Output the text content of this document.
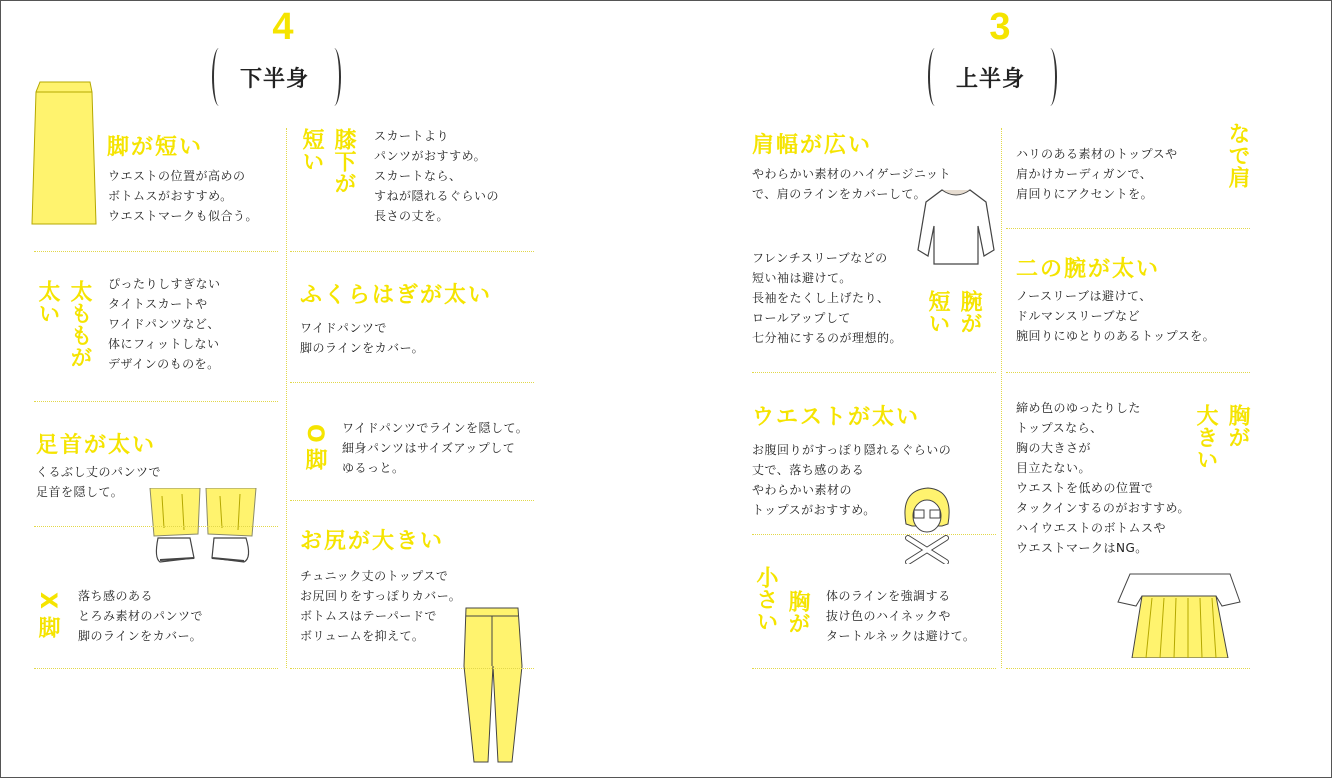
4
下半身
脚が短い
ウエストの位置が高めの
ボトムスがおすすめ。
ウエストマークも似合う。
膝下が
短い	スカートより
パンツがおすすめ。
スカートなら、
すねが隠れるぐらいの
長さの丈を。
太ももが
太い	ぴったりしすぎない
タイトスカートや
ワイドパンツなど、
体にフィットしない
デザインのものを。
ふくらはぎが太い
ワイドパンツで
脚のラインをカバー。
足首が太い
くるぶし丈のパンツで
足首を隠して。
O
脚
ワイドパンツでラインを隠して。
細身パンツはサイズアップして
ゆるっと。
X
脚
落ち感のある
とろみ素材のパンツで
脚のラインをカバー。
お尻が大きい
チュニック丈のトップスで
お尻回りをすっぽりカバー。
ボトムスはテーパードで
ボリュームを抑えて。
3
上半身
肩幅が広い
やわらかい素材のハイゲージニット
で、肩のラインをカバーして。
なで肩
ハリのある素材のトップスや
肩かけカーディガンで、
肩回りにアクセントを。
フレンチスリーブなどの
短い袖は避けて。
長袖をたくし上げたり、
ロールアップして
七分袖にするのが理想的。
腕が
短い
二の腕が太い
ノースリーブは避けて、
ドルマンスリーブなど
腕回りにゆとりのあるトップスを。
ウエストが太い
お腹回りがすっぽり隠れるぐらいの
丈で、落ち感のある
やわらかい素材の
トップスがおすすめ。
胸が
大きい
締め色のゆったりした
トップスなら、
胸の大きさが
目立たない。
ウエストを低めの位置で
タックインするのがおすすめ。
ハイウエストのボトムスや
ウエストマークはNG。
胸が
小さい	体のラインを強調する
抜け色のハイネックや
タートルネックは避けて。
